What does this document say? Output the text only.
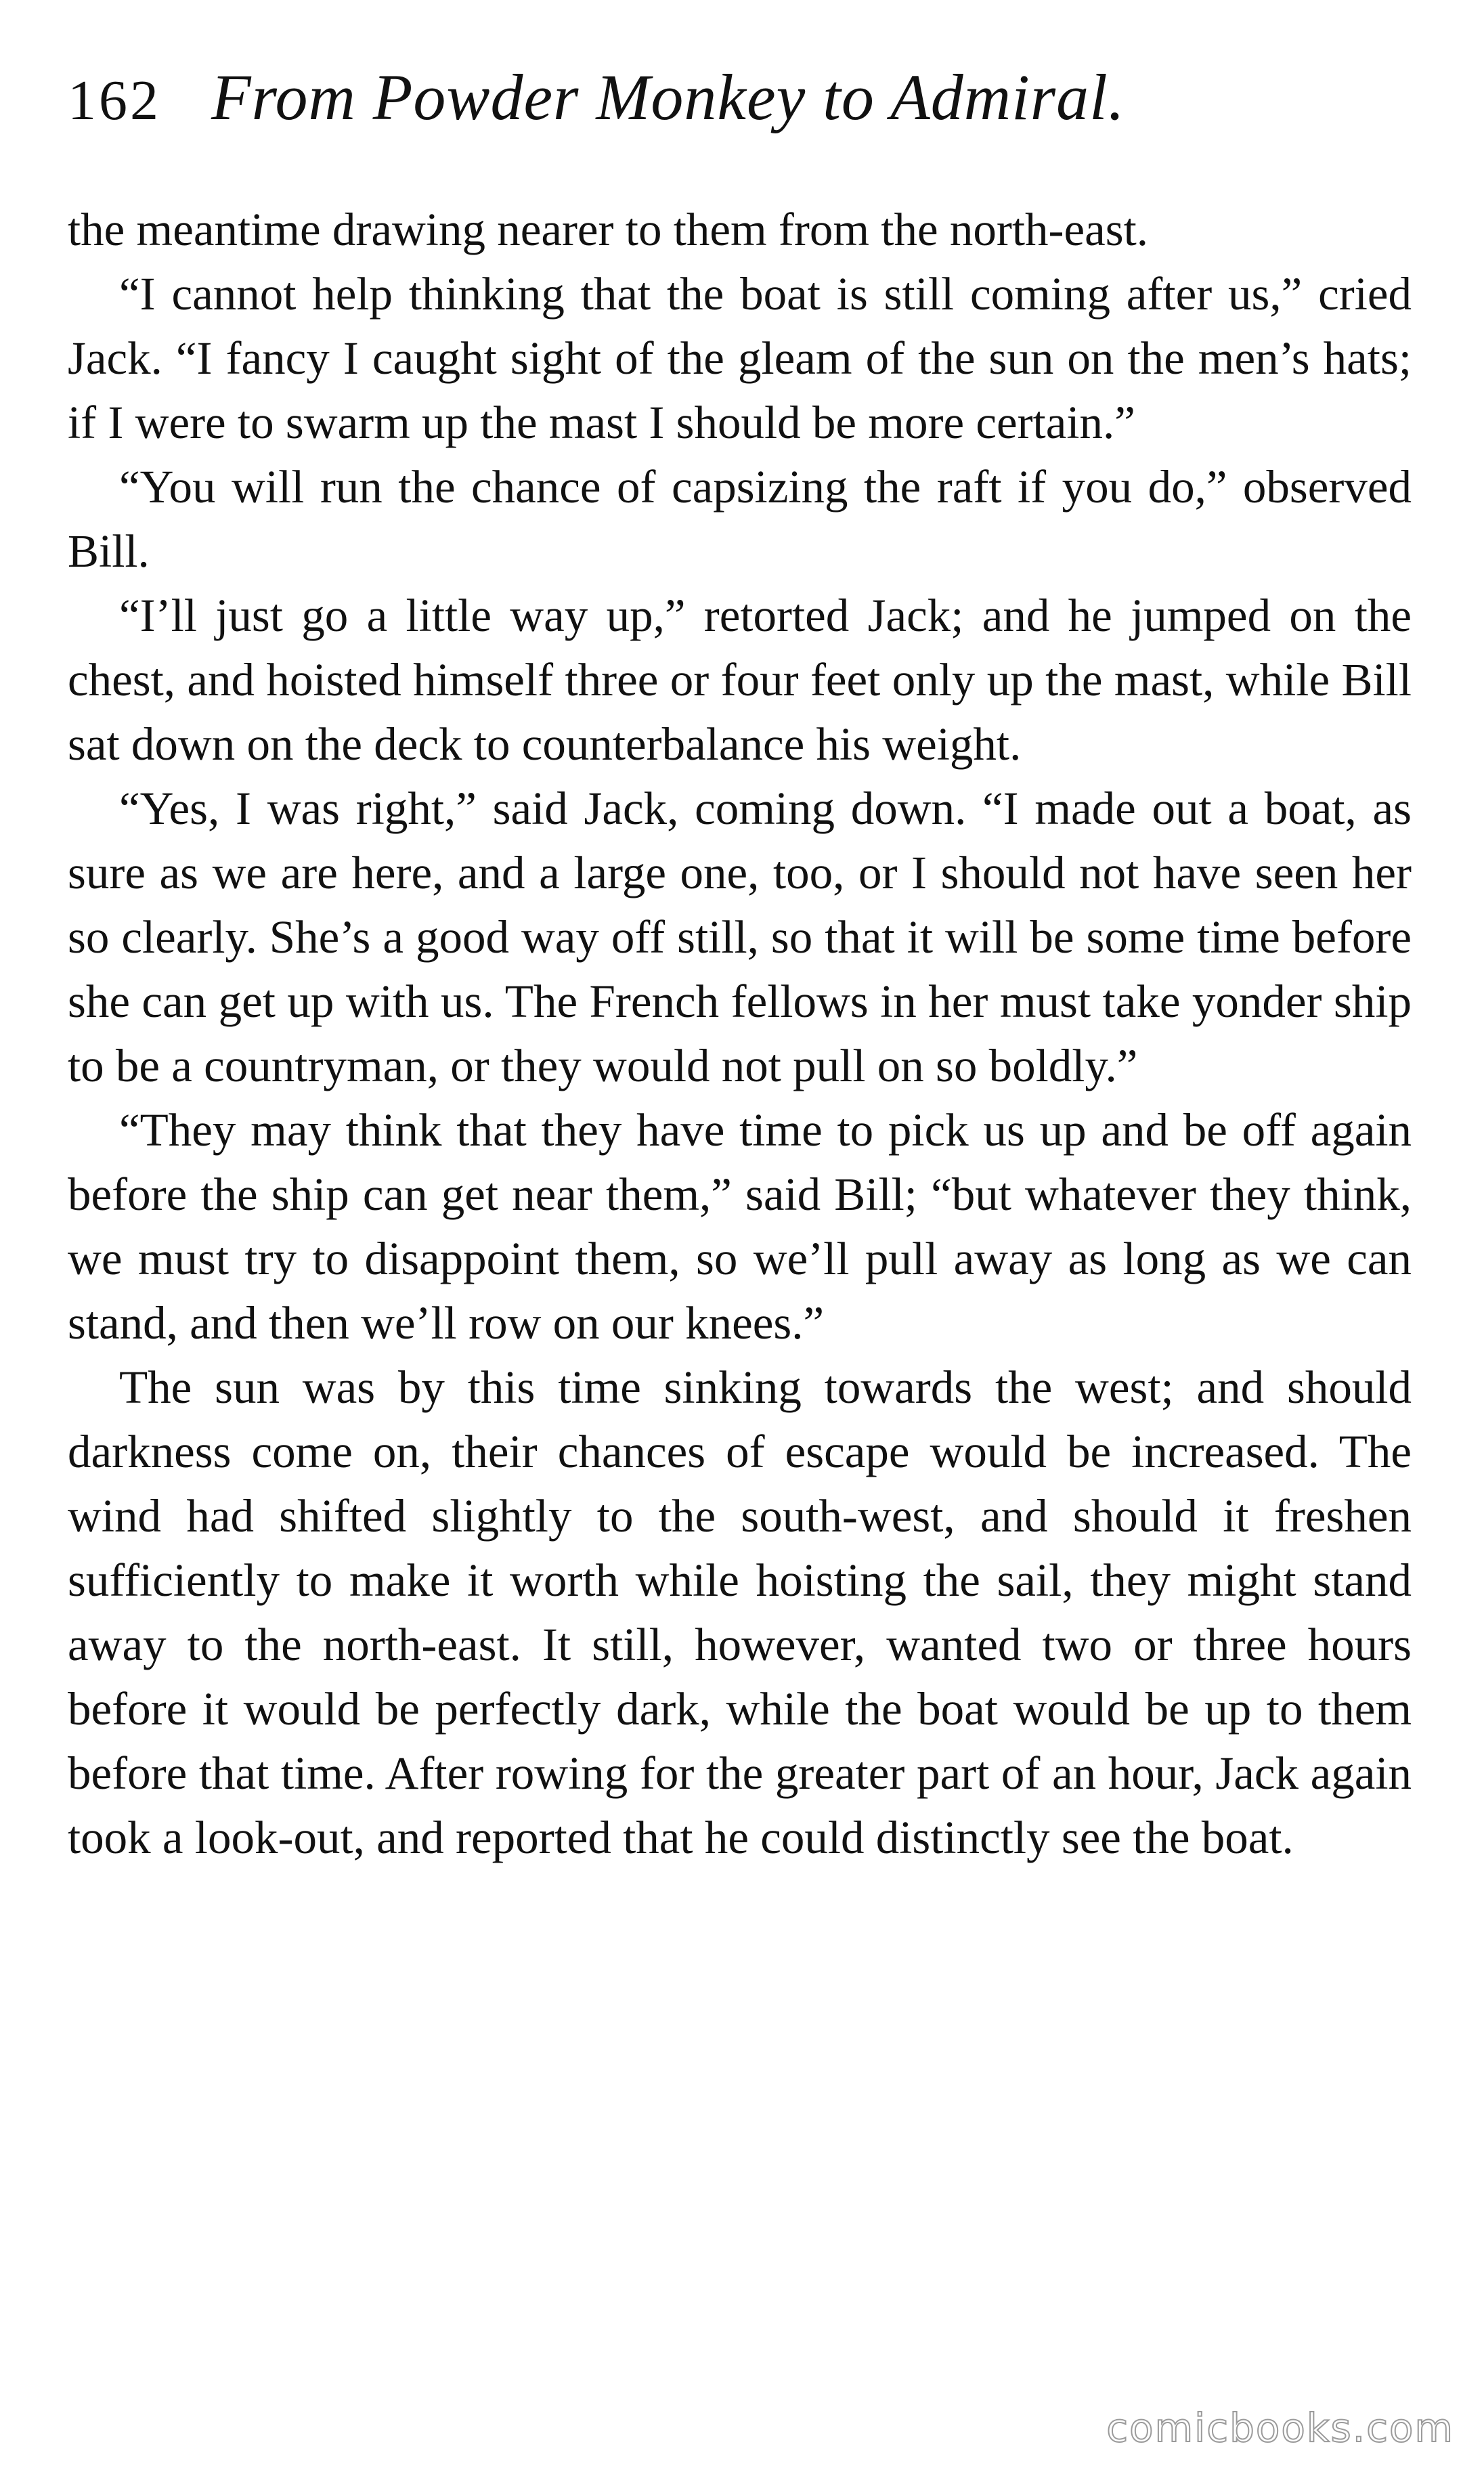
162 From Powder Monkey to Admiral.

the meantime drawing nearer to them from the north-east.

“I cannot help thinking that the boat is still coming after us,” cried Jack. “I fancy I caught sight of the gleam of the sun on the men’s hats; if I were to swarm up the mast I should be more certain.”

“You will run the chance of capsizing the raft if you do,” observed Bill.

“I’ll just go a little way up,” retorted Jack; and he jumped on the chest, and hoisted himself three or four feet only up the mast, while Bill sat down on the deck to counterbalance his weight.

“Yes, I was right,” said Jack, coming down. “I made out a boat, as sure as we are here, and a large one, too, or I should not have seen her so clearly. She’s a good way off still, so that it will be some time before she can get up with us. The French fellows in her must take yonder ship to be a countryman, or they would not pull on so boldly.”

“They may think that they have time to pick us up and be off again before the ship can get near them,” said Bill; “but whatever they think, we must try to disappoint them, so we’ll pull away as long as we can stand, and then we’ll row on our knees.”

The sun was by this time sinking towards the west; and should darkness come on, their chances of escape would be increased. The wind had shifted slightly to the south-west, and should it freshen sufficiently to make it worth while hoisting the sail, they might stand away to the north-east. It still, however, wanted two or three hours before it would be perfectly dark, while the boat would be up to them before that time. After rowing for the greater part of an hour, Jack again took a look-out, and reported that he could distinctly see the boat.

comicbooks.com
